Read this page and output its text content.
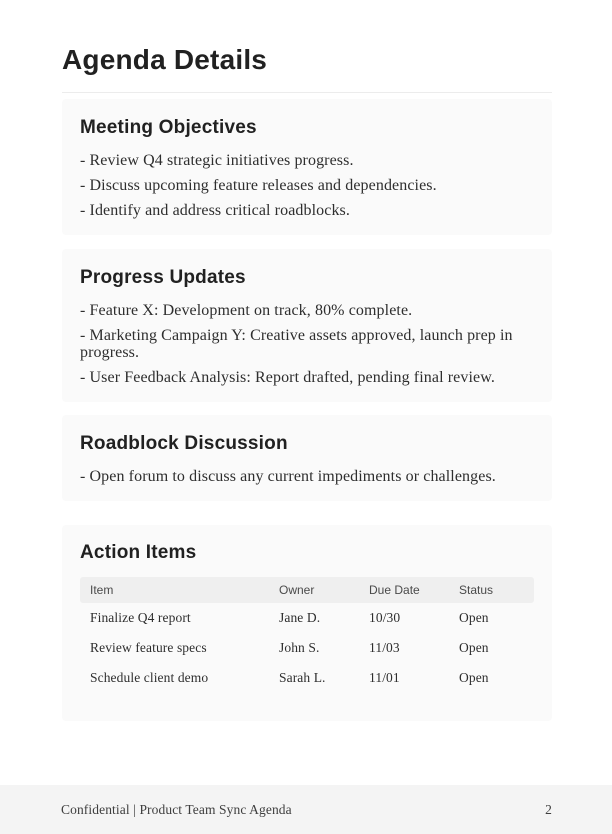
Agenda Details
Meeting Objectives

- Review Q4 strategic initiatives progress.

- Discuss upcoming feature releases and dependencies.

- Identify and address critical roadblocks.

Progress Updates

- Feature X: Development on track, 80% complete.

- Marketing Campaign Y: Creative assets approved, launch prep in progress.

- User Feedback Analysis: Report drafted, pending final review.

Roadblock Discussion

- Open forum to discuss any current impediments or challenges.

Action Items
Item	Owner	Due Date	Status
Finalize Q4 report	Jane D.	10/30	Open
Review feature specs	John S.	11/03	Open
Schedule client demo	Sarah L.	11/01	Open
Confidential | Product Team Sync Agenda	2
